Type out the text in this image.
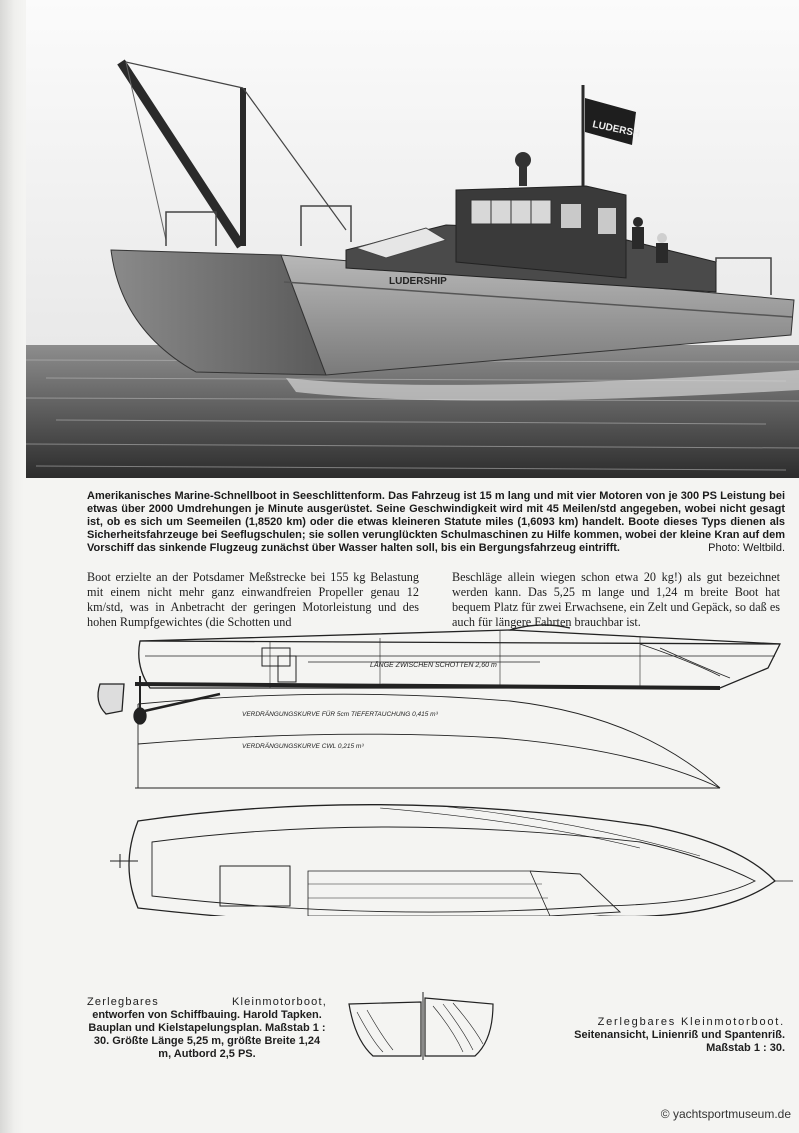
LUDERSH
LUDERSHIP
Amerikanisches Marine-Schnellboot in Seeschlittenform. Das Fahrzeug ist 15 m lang und mit vier Motoren von je 300 PS Leistung bei etwas über 2000 Umdrehungen je Minute ausgerüstet. Seine Geschwindigkeit wird mit 45 Meilen/std angegeben, wobei nicht gesagt ist, ob es sich um Seemeilen (1,8520 km) oder die etwas kleineren Statute miles (1,6093 km) handelt. Boote dieses Typs dienen als Sicherheitsfahrzeuge bei Seeflugschulen; sie sollen verunglückten Schulmaschinen zu Hilfe kommen, wobei der kleine Kran auf dem Vorschiff das sinkende Flugzeug zunächst über Wasser halten soll, bis ein Bergungsfahrzeug eintrifft.	Photo: Weltbild.
Boot erzielte an der Potsdamer Meßstrecke bei 155 kg Belastung mit einem nicht mehr ganz einwandfreien Propeller genau 12 km/std, was in Anbetracht der geringen Motorleistung und des hohen Rumpfgewichtes (die Schotten und
Beschläge allein wiegen schon etwa 20 kg!) als gut bezeichnet werden kann. Das 5,25 m lange und 1,24 m breite Boot hat bequem Platz für zwei Erwachsene, ein Zelt und Gepäck, so daß es auch für längere Fahrten brauchbar ist.
LÄNGE ZWISCHEN SCHOTTEN 2,60 m
VERDRÄNGUNGSKURVE FÜR 5cm TIEFERTAUCHUNG 0,415 m³
VERDRÄNGUNGSKURVE CWL 0,215 m³
Zerlegbares Kleinmotorboot,
entworfen von Schiffbauing. Harold Tapken. Bauplan und Kielstapelungsplan. Maßstab 1 : 30. Größte Länge 5,25 m, größte Breite 1,24 m, Autbord 2,5 PS.
Zerlegbares Kleinmotorboot.
Seitenansicht, Linienriß und Spantenriß.
Maßstab 1 : 30.
© yachtsportmuseum.de
